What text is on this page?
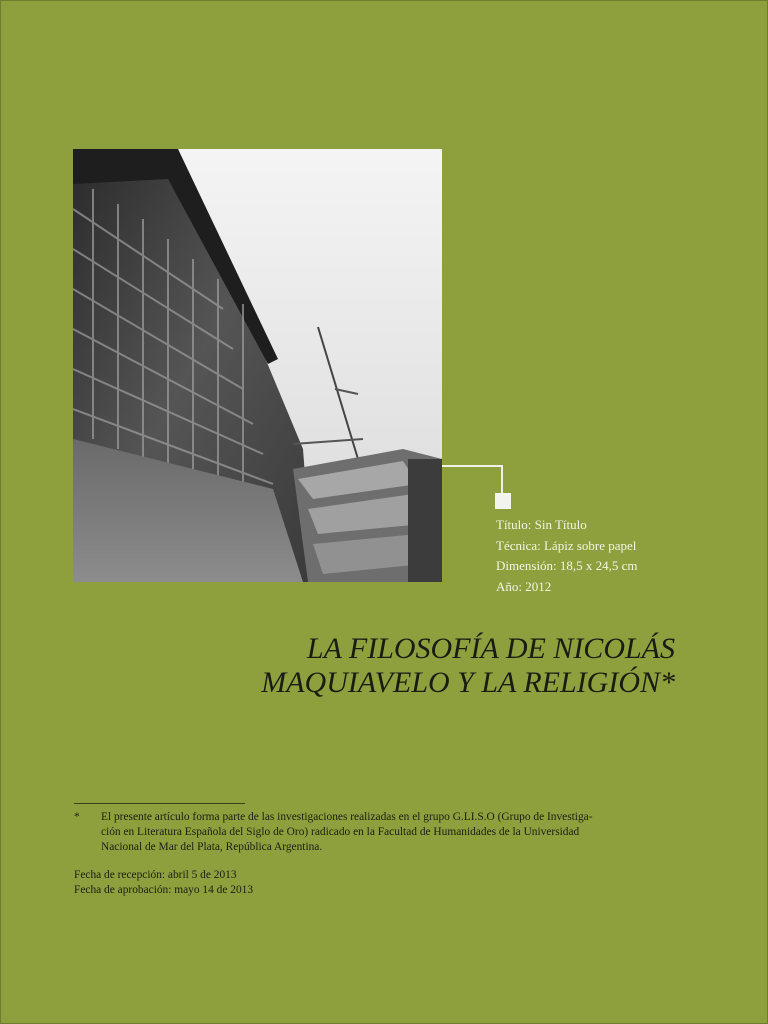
Título: Sin Título
Técnica: Lápiz sobre papel
Dimensión: 18,5 x 24,5 cm
Año: 2012
LA FILOSOFÍA DE NICOLÁS
MAQUIAVELO Y LA RELIGIÓN*
* El presente artículo forma parte de las investigaciones realizadas en el grupo G.LI.S.O (Grupo de Investiga-
ción en Literatura Española del Siglo de Oro) radicado en la Facultad de Humanidades de la Universidad
Nacional de Mar del Plata, República Argentina.
Fecha de recepción: abril 5 de 2013
Fecha de aprobación: mayo 14 de 2013
